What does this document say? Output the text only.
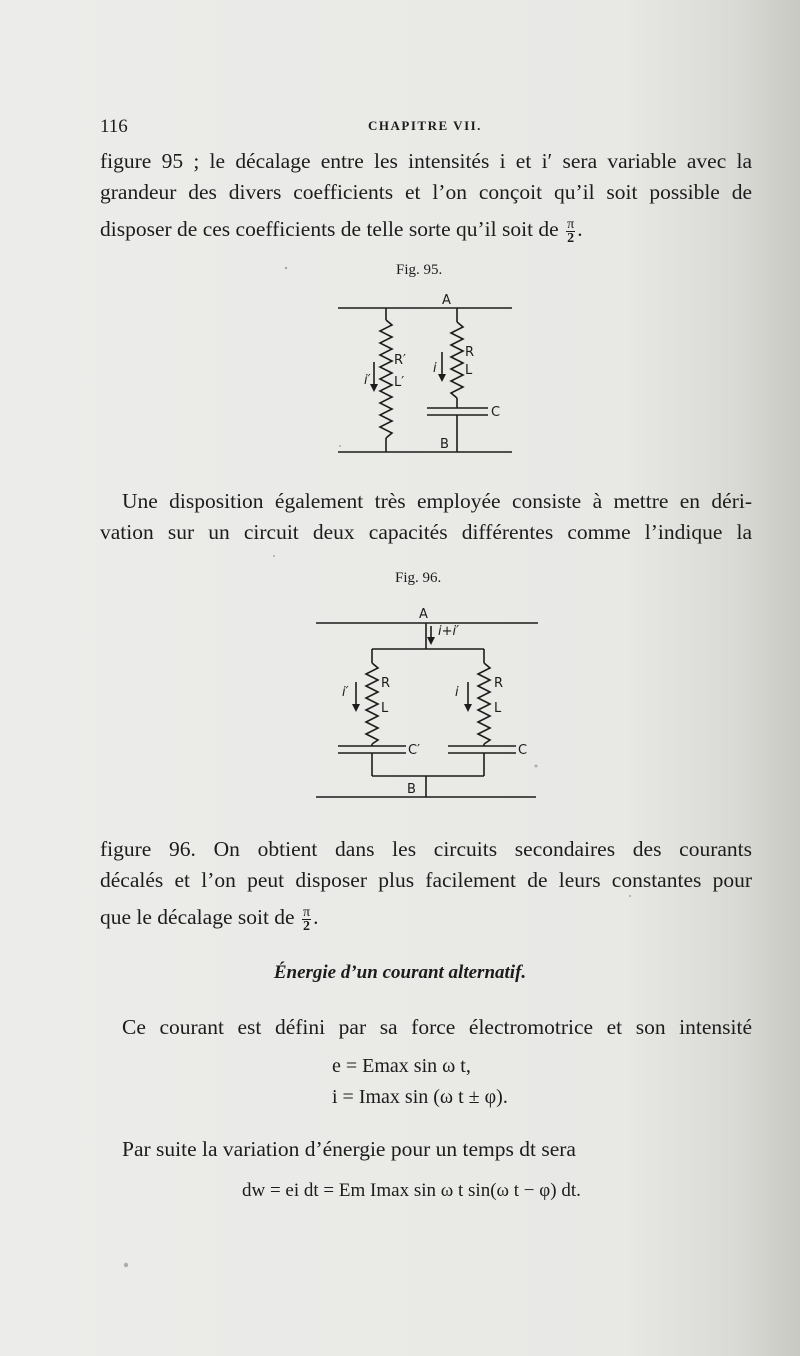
116	CHAPITRE VII.
figure 95 ; le décalage entre les intensités i et i′ sera variable avec la
grandeur des divers coefficients et l’on conçoit qu’il soit possible de
disposer de ces coefficients de telle sorte qu’il soit de $\frac{\pi}{2}$ .
Fig. 95.
A
B
R′
L′
R
L
C
i′
i
Une disposition également très employée consiste à mettre en déri-
vation sur un circuit deux capacités différentes comme l’indique la
Fig. 96.
A
B
i+i′
i′	i
R
L
R
L
C′	C
figure 96. On obtient dans les circuits secondaires des courants
décalés et l’on peut disposer plus facilement de leurs constantes pour
que le décalage soit de $\frac{\pi}{2}$ .
Énergie d’un courant alternatif.
Ce courant est défini par sa force électromotrice et son intensité
e = Emax sin ω t,
i = Imax sin (ω t ± φ).
Par suite la variation d’énergie pour un temps dt sera
dw = ei dt = Em Imax sin ω t sin(ω t − φ) dt.
